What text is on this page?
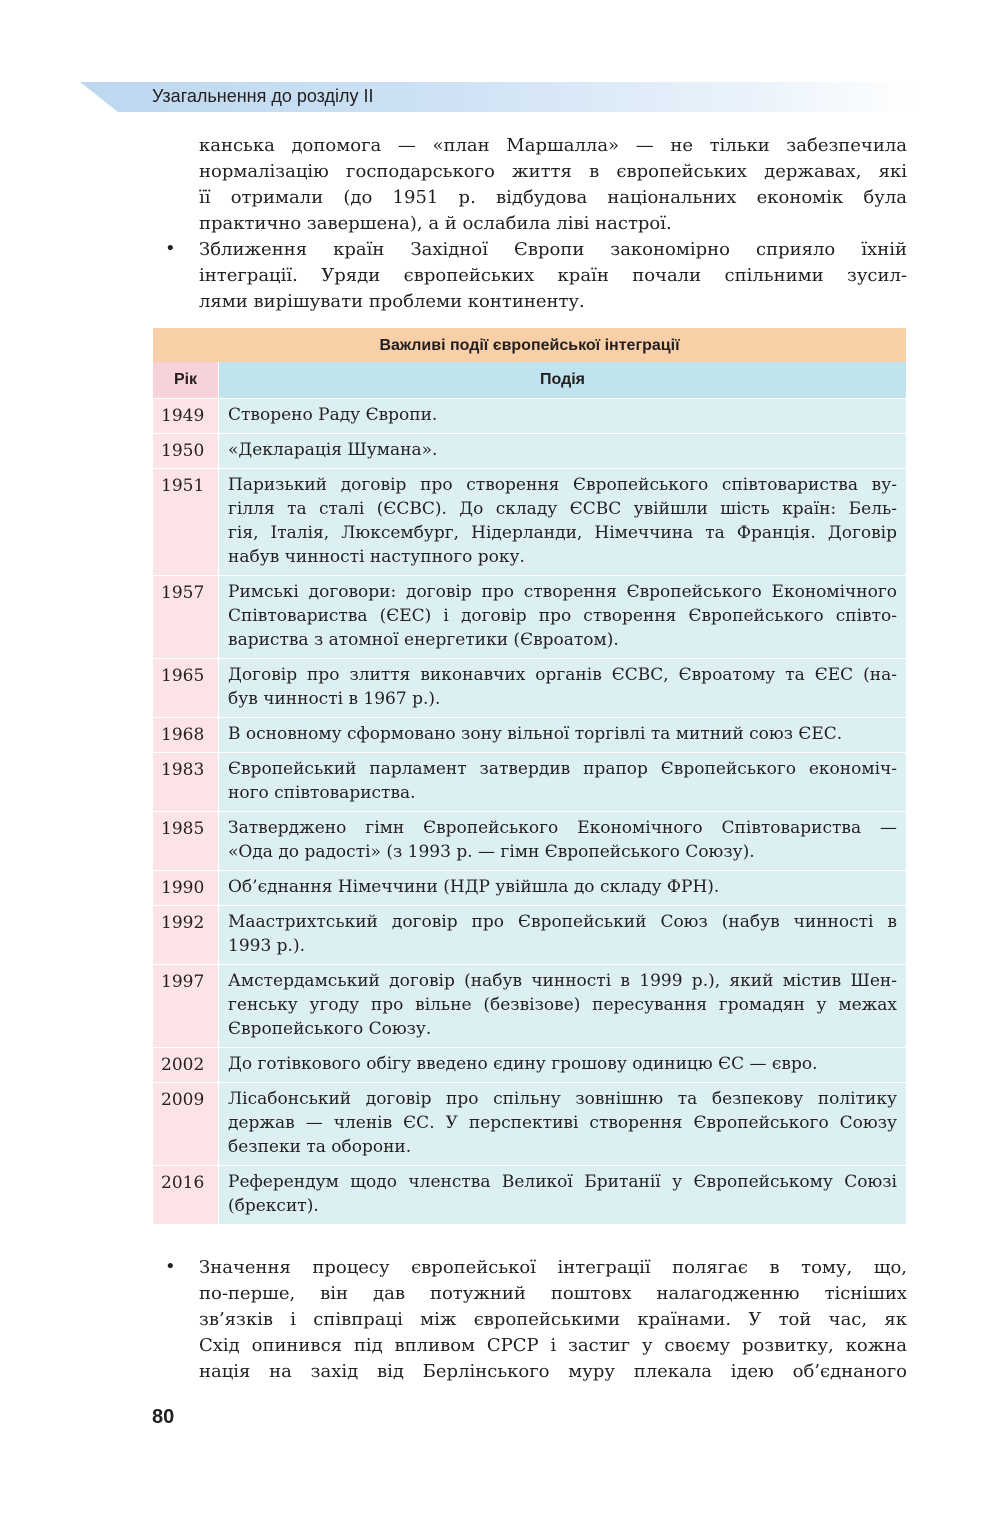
Узагальнення до розділу ІІ
канська допомога — «план Маршалла» — не тільки забезпечила
нормалізацію господарського життя в європейських державах, які
її отримали (до 1951 р. відбудова національних економік була
практично завершена), а й ослабила ліві настрої.
• Зближення країн Західної Європи закономірно сприяло їхній
інтеграції. Уряди європейських країн почали спільними зусил-
лями вирішувати проблеми континенту.
Важливі події європейської інтеграції
Рік	Подія
1949	Створено Раду Європи.
1950	«Декларація Шумана».
1951	Паризький договір про створення Європейського співтовариства ву-
гілля та сталі (ЄСВС). До складу ЄСВС увійшли шість країн: Бель-
гія, Італія, Люксембург, Нідерланди, Німеччина та Франція. Договір
набув чинності наступного року.
1957	Римські договори: договір про створення Європейського Економічного
Співтовариства (ЄЕС) і договір про створення Європейського співто-
вариства з атомної енергетики (Євроатом).
1965	Договір про злиття виконавчих органів ЄСВС, Євроатому та ЄЕС (на-
був чинності в 1967 р.).
1968	В основному сформовано зону вільної торгівлі та митний союз ЄЕС.
1983	Європейський парламент затвердив прапор Європейського економіч-
ного співтовариства.
1985	Затверджено гімн Європейського Економічного Співтовариства —
«Ода до радості» (з 1993 р. — гімн Європейського Союзу).
1990	Об’єднання Німеччини (НДР увійшла до складу ФРН).
1992	Маастрихтський договір про Європейський Союз (набув чинності в
1993 р.).
1997	Амстердамський договір (набув чинності в 1999 р.), який містив Шен-
генську угоду про вільне (безвізове) пересування громадян у межах
Європейського Союзу.
2002	До готівкового обігу введено єдину грошову одиницю ЄС — євро.
2009	Лісабонський договір про спільну зовнішню та безпекову політику
держав — членів ЄС. У перспективі створення Європейського Союзу
безпеки та оборони.
2016	Референдум щодо членства Великої Британії у Європейському Союзі
(брексит).
• Значення процесу європейської інтеграції полягає в тому, що,
по-перше, він дав потужний поштовх налагодженню тісніших
зв’язків і співпраці між європейськими країнами. У той час, як
Схід опинився під впливом СРСР і застиг у своєму розвитку, кожна
нація на захід від Берлінського муру плекала ідею об’єднаного
80
